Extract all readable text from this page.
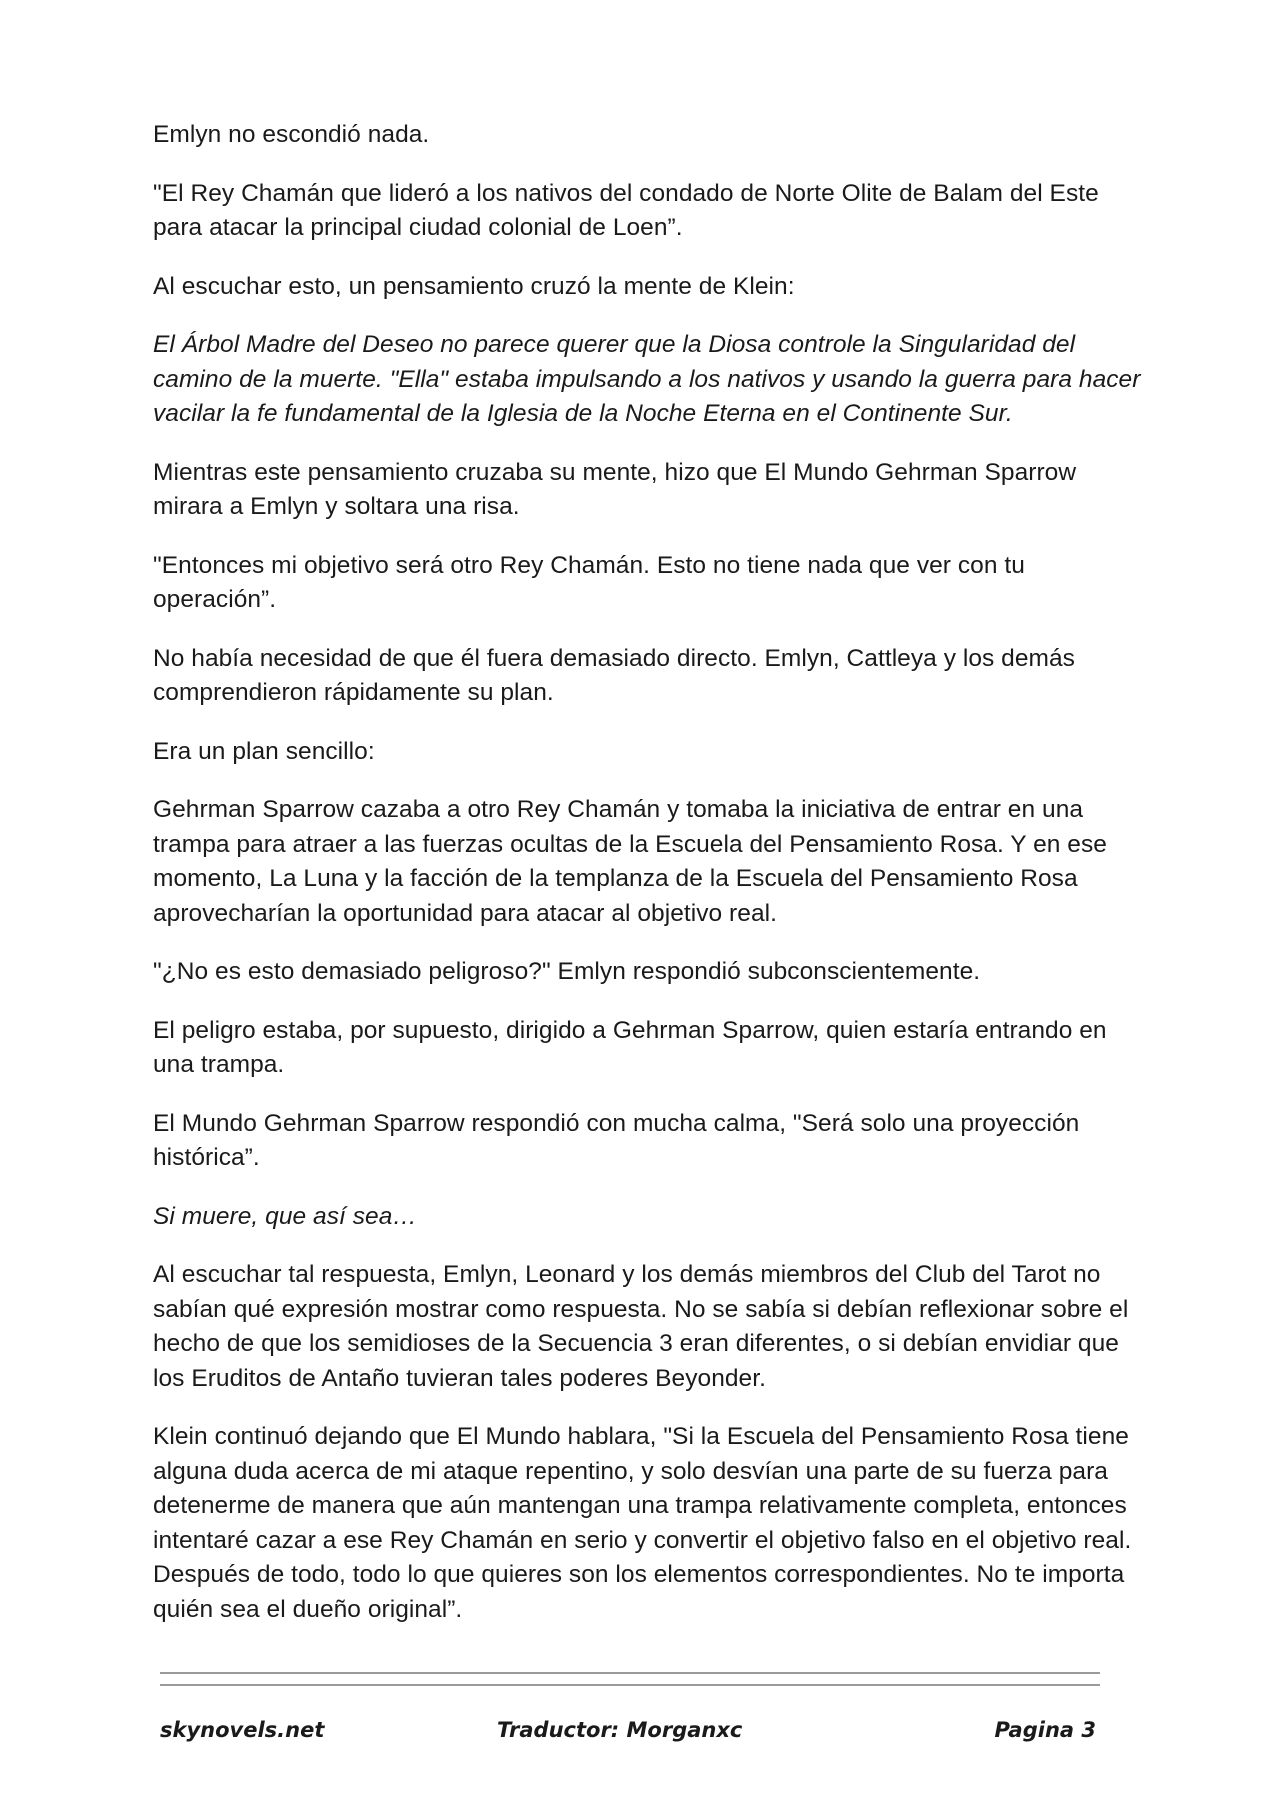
Emlyn no escondió nada.

"El Rey Chamán que lideró a los nativos del condado de Norte Olite de Balam del Este para atacar la principal ciudad colonial de Loen”.

Al escuchar esto, un pensamiento cruzó la mente de Klein:

El Árbol Madre del Deseo no parece querer que la Diosa controle la Singularidad del camino de la muerte. "Ella" estaba impulsando a los nativos y usando la guerra para hacer vacilar la fe fundamental de la Iglesia de la Noche Eterna en el Continente Sur.

Mientras este pensamiento cruzaba su mente, hizo que El Mundo Gehrman Sparrow mirara a Emlyn y soltara una risa.

"Entonces mi objetivo será otro Rey Chamán. Esto no tiene nada que ver con tu operación”.

No había necesidad de que él fuera demasiado directo. Emlyn, Cattleya y los demás comprendieron rápidamente su plan.

Era un plan sencillo:

Gehrman Sparrow cazaba a otro Rey Chamán y tomaba la iniciativa de entrar en una trampa para atraer a las fuerzas ocultas de la Escuela del Pensamiento Rosa. Y en ese momento, La Luna y la facción de la templanza de la Escuela del Pensamiento Rosa aprovecharían la oportunidad para atacar al objetivo real.

"¿No es esto demasiado peligroso?" Emlyn respondió subconscientemente.

El peligro estaba, por supuesto, dirigido a Gehrman Sparrow, quien estaría entrando en una trampa.

El Mundo Gehrman Sparrow respondió con mucha calma, "Será solo una proyección histórica”.

Si muere, que así sea…

Al escuchar tal respuesta, Emlyn, Leonard y los demás miembros del Club del Tarot no sabían qué expresión mostrar como respuesta. No se sabía si debían reflexionar sobre el hecho de que los semidioses de la Secuencia 3 eran diferentes, o si debían envidiar que los Eruditos de Antaño tuvieran tales poderes Beyonder.

Klein continuó dejando que El Mundo hablara, "Si la Escuela del Pensamiento Rosa tiene alguna duda acerca de mi ataque repentino, y solo desvían una parte de su fuerza para detenerme de manera que aún mantengan una trampa relativamente completa, entonces intentaré cazar a ese Rey Chamán en serio y convertir el objetivo falso en el objetivo real. Después de todo, todo lo que quieres son los elementos correspondientes. No te importa quién sea el dueño original”.

skynovels.net	Traductor: Morganxc	Pagina 3
